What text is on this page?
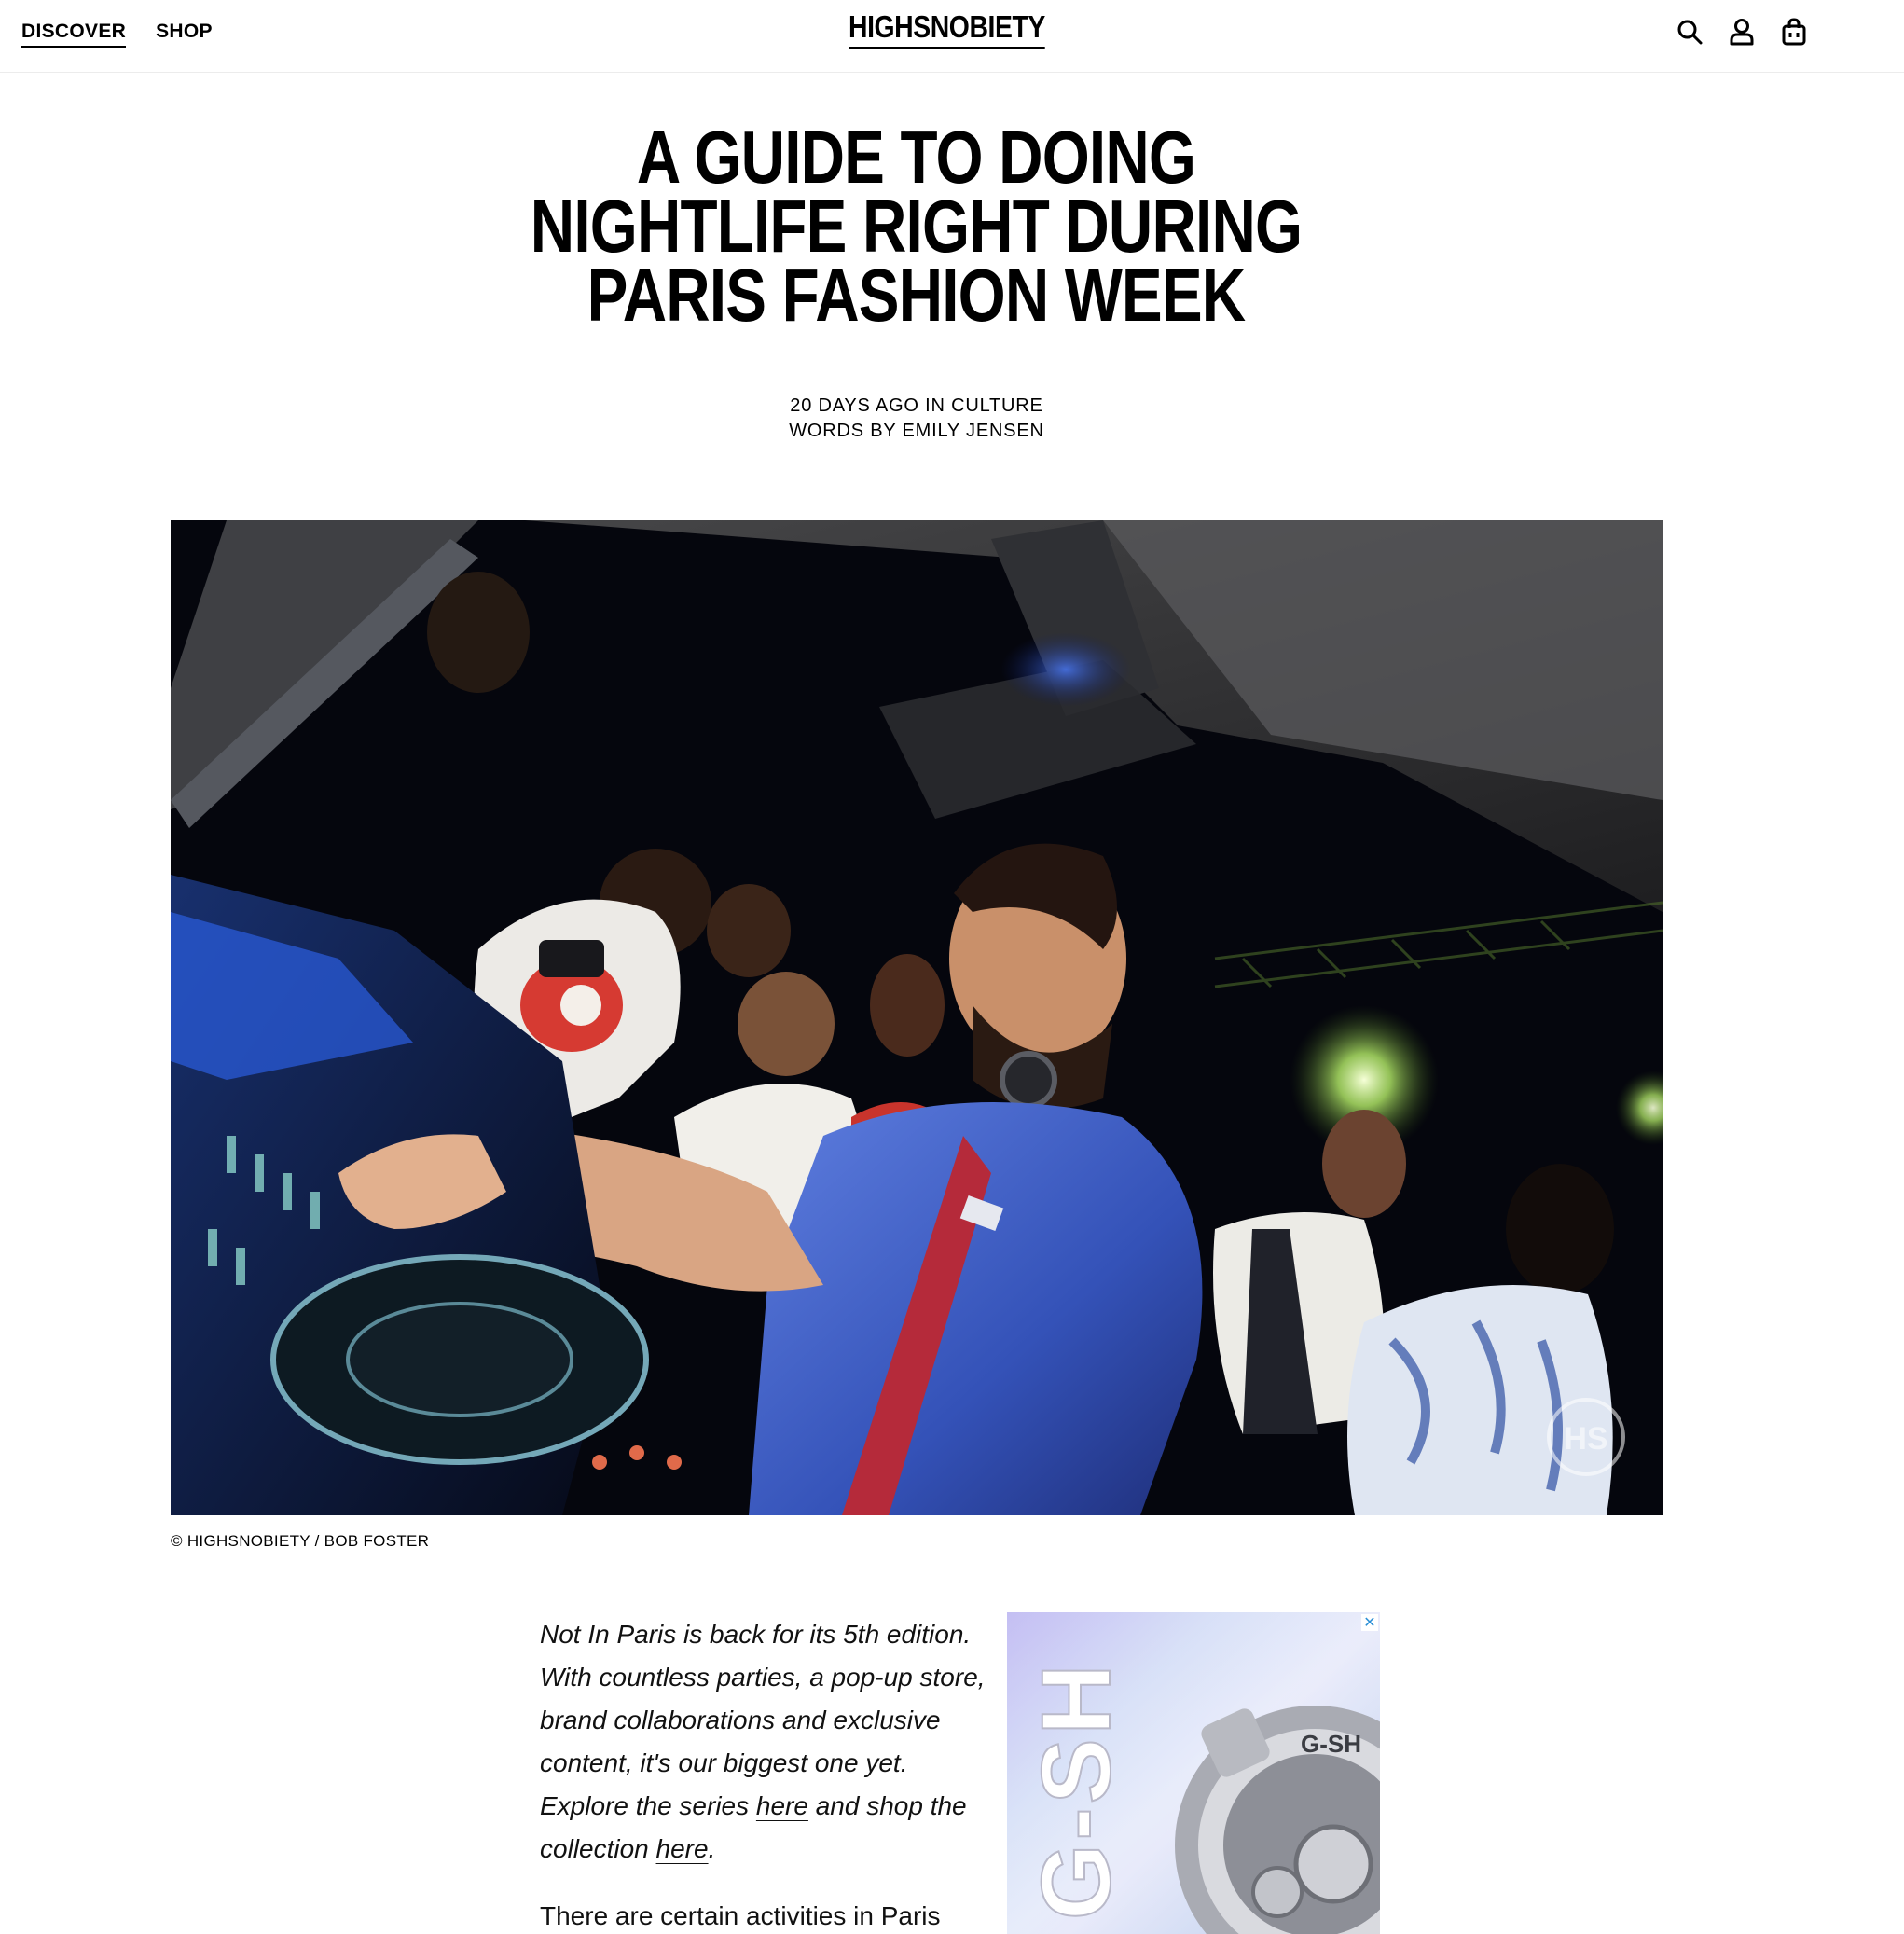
DISCOVER SHOP	HIGHSNOBIETY
A GUIDE TO DOING NIGHTLIFE RIGHT DURING PARIS FASHION WEEK
20 DAYS AGO IN CULTURE
WORDS BY EMILY JENSEN
HS
© HIGHSNOBIETY / BOB FOSTER

Not In Paris is back for its 5th edition. With countless parties, a pop-up store, brand collaborations and exclusive content, it's our biggest one yet. Explore the series here and shop the collection here.

There are certain activities in Paris G-SH	G-SH
✕
